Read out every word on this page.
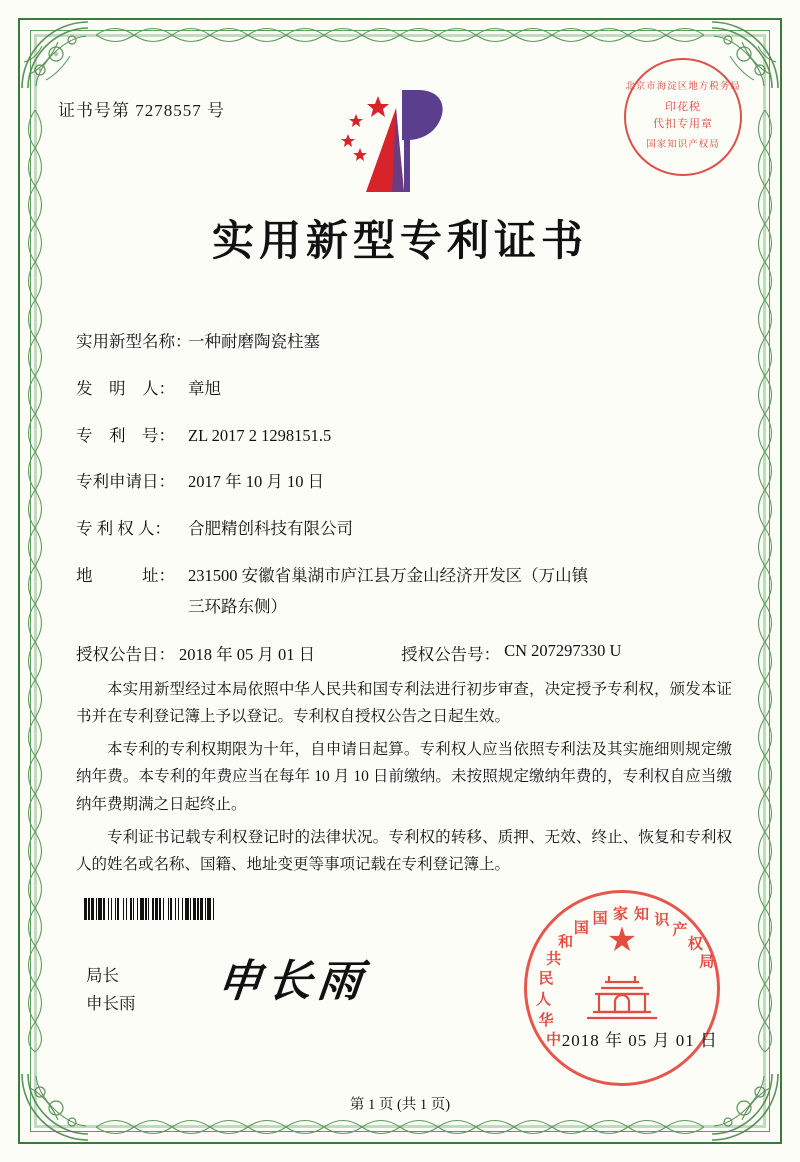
证书号第 7278557 号
北京市海淀区地方税务局
印花税
代扣专用章
国家知识产权局
实用新型专利证书
实用新型名称：
一种耐磨陶瓷柱塞
发　明　人： 章旭
专　利　号： ZL 2017 2 1298151.5
专利申请日： 2017 年 10 月 10 日
专 利 权 人：	合肥精创科技有限公司
地　　　址： 231500 安徽省巢湖市庐江县万金山经济开发区（万山镇
三环路东侧）
授权公告日： 2018 年 05 月 01 日	授权公告号： CN 207297330 U

本实用新型经过本局依照中华人民共和国专利法进行初步审查，决定授予专利权，颁发本证书并在专利登记簿上予以登记。专利权自授权公告之日起生效。

本专利的专利权期限为十年，自申请日起算。专利权人应当依照专利法及其实施细则规定缴纳年费。本专利的年费应当在每年 10 月 10 日前缴纳。未按照规定缴纳年费的，专利权自应当缴纳年费期满之日起终止。

专利证书记载专利权登记时的法律状况。专利权的转移、质押、无效、终止、恢复和专利权人的姓名或名称、国籍、地址变更等事项记载在专利登记簿上。

局长
申长雨 申长雨
★
中
华
人
民
共
和
国
国 家 知 识
产
权
局
2018 年 05 月 01 日
第 1 页 (共 1 页)
